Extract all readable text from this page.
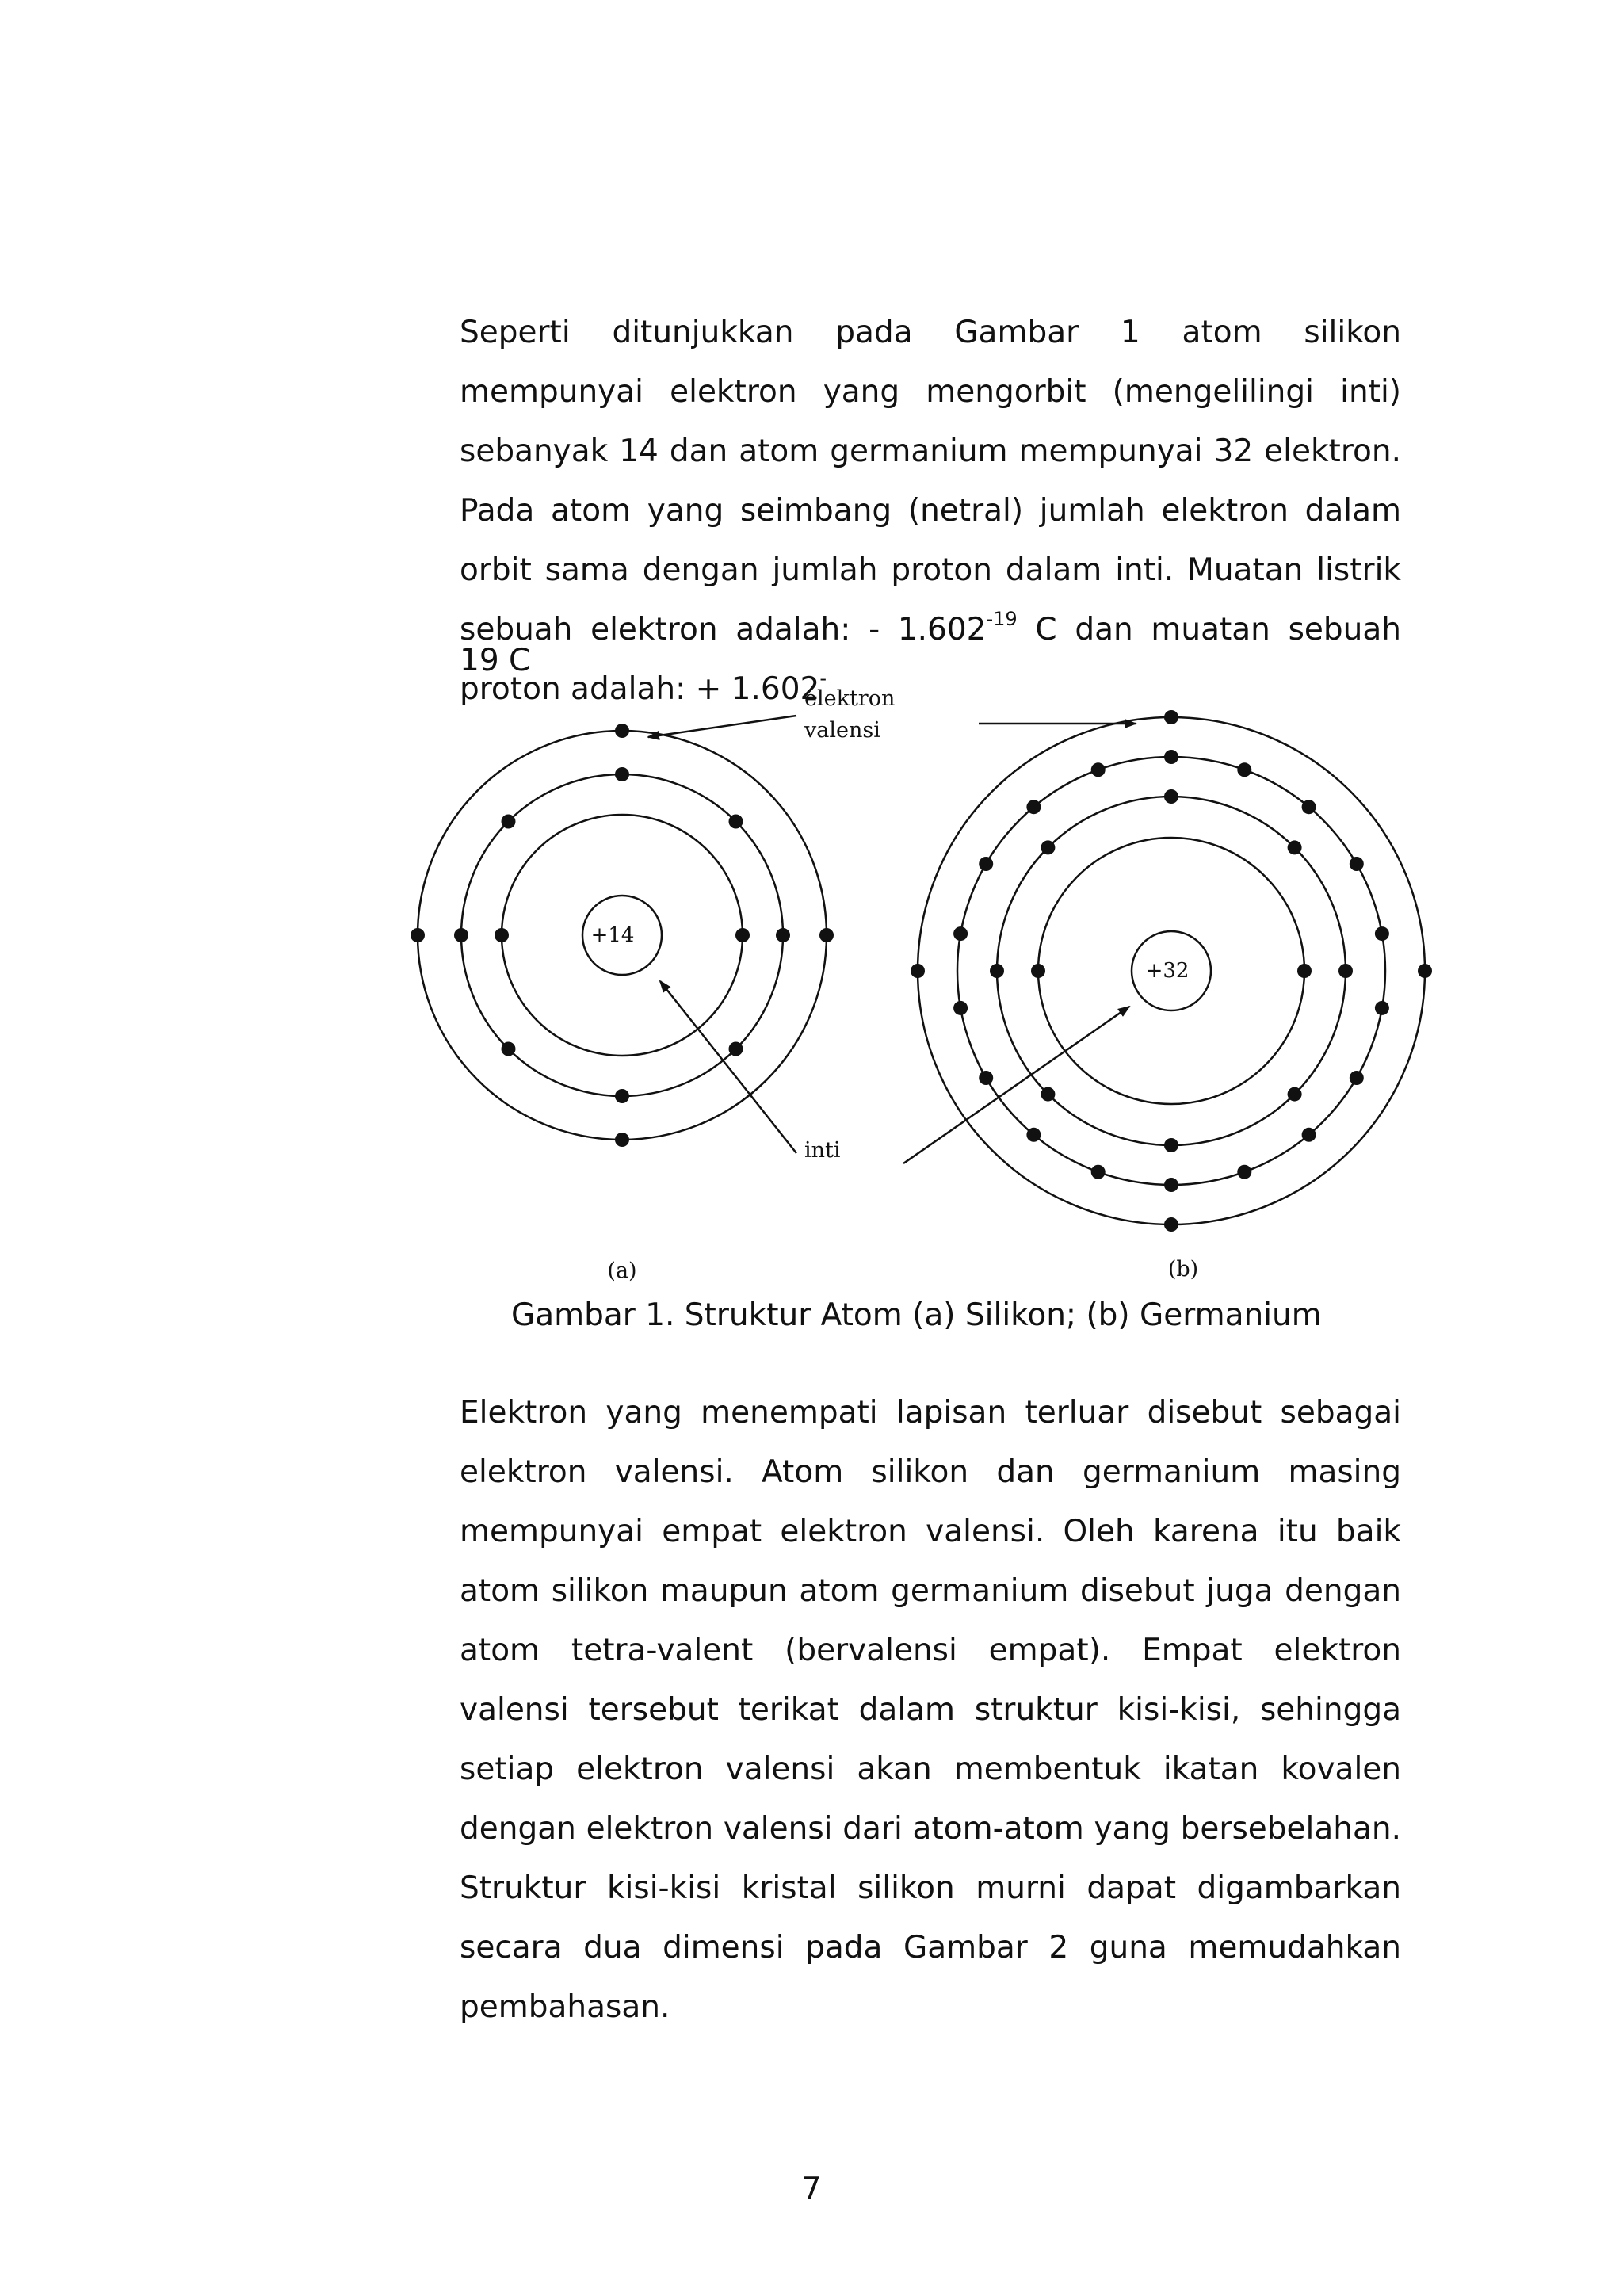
Seperti ditunjukkan pada Gambar 1 atom silikon mempunyai elektron yang mengorbit (mengelilingi inti) sebanyak 14 dan atom germanium mempunyai 32 elektron. Pada atom yang seimbang (netral) jumlah elektron dalam orbit sama dengan jumlah proton dalam inti. Muatan listrik sebuah elektron adalah: - $1.602^{-19}$ C dan muatan sebuah proton adalah: + 1.602-

19 C
+14
+32
elektron
valensi
inti
(a)	(b)

Gambar 1. Struktur Atom (a) Silikon; (b) Germanium

Elektron yang menempati lapisan terluar disebut sebagai elektron valensi. Atom silikon dan germanium masing mempunyai empat elektron valensi. Oleh karena itu baik atom silikon maupun atom germanium disebut juga dengan atom tetra-valent (bervalensi empat). Empat elektron valensi tersebut terikat dalam struktur kisi-kisi, sehingga setiap elektron valensi akan membentuk ikatan kovalen dengan elektron valensi dari atom-atom yang bersebelahan. Struktur kisi-kisi kristal silikon murni dapat digambarkan secara dua dimensi pada Gambar 2 guna memudahkan pembahasan.

7
